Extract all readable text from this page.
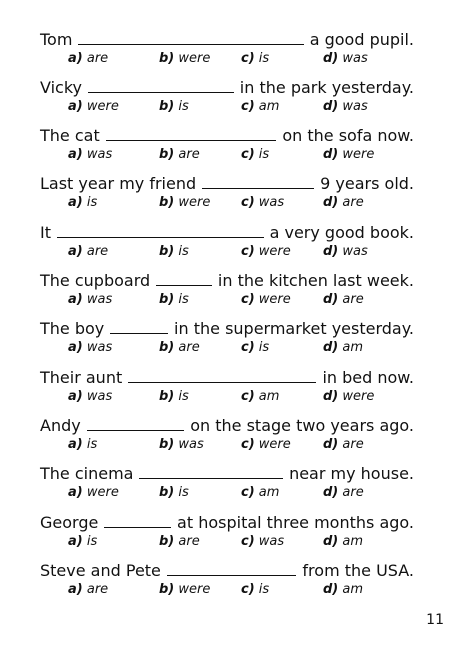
Tom	a good pupil.
a) are	b) were c) is	d) was
Vicky	in the park yesterday.
a) were	b) is	c) am	d) was
The cat	on the sofa now.
a) was	b) are	c) is	d) were
Last year my friend	9 years old.
a) is	b) were c) was	d) are
It	a very good book.
a) are	b) is	c) were d) was
The cupboard	in the kitchen last week.
a) was	b) is	c) were d) are
The boy	in the supermarket yesterday.
a) was	b) are	c) is	d) am
Their aunt	in bed now.
a) was	b) is	c) am	d) were
Andy	on the stage two years ago.
a) is	b) was	c) were d) are
The cinema	near my house.
a) were	b) is	c) am	d) are
George	at hospital three months ago.
a) is	b) are	c) was	d) am
Steve and Pete	from the USA.
a) are	b) were c) is	d) am
11
